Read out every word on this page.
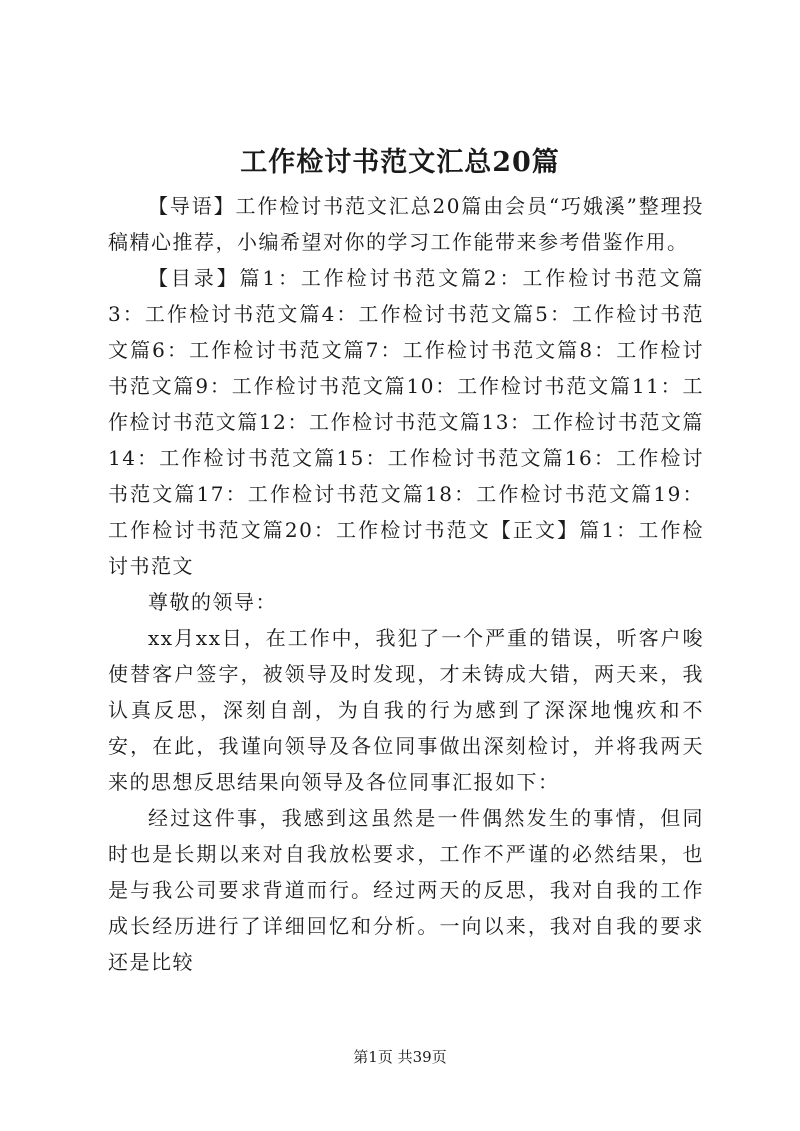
工作检讨书范文汇总20篇

【导语】工作检讨书范文汇总20篇由会员“巧娥溪”整理投稿精心推荐，小编希望对你的学习工作能带来参考借鉴作用。

【目录】篇1：工作检讨书范文篇2：工作检讨书范文篇3：工作检讨书范文篇4：工作检讨书范文篇5：工作检讨书范文篇6：工作检讨书范文篇7：工作检讨书范文篇8：工作检讨书范文篇9：工作检讨书范文篇10：工作检讨书范文篇11：工作检讨书范文篇12：工作检讨书范文篇13：工作检讨书范文篇14：工作检讨书范文篇15：工作检讨书范文篇16：工作检讨书范文篇17：工作检讨书范文篇18：工作检讨书范文篇19：工作检讨书范文篇20：工作检讨书范文【正文】篇1：工作检讨书范文

尊敬的领导：

xx月xx日，在工作中，我犯了一个严重的错误，听客户唆使替客户签字，被领导及时发现，才未铸成大错，两天来，我认真反思，深刻自剖，为自我的行为感到了深深地愧疚和不安，在此，我谨向领导及各位同事做出深刻检讨，并将我两天来的思想反思结果向领导及各位同事汇报如下：

经过这件事，我感到这虽然是一件偶然发生的事情，但同时也是长期以来对自我放松要求，工作不严谨的必然结果，也是与我公司要求背道而行。经过两天的反思，我对自我的工作成长经历进行了详细回忆和分析。一向以来，我对自我的要求还是比较

第1页 共39页
